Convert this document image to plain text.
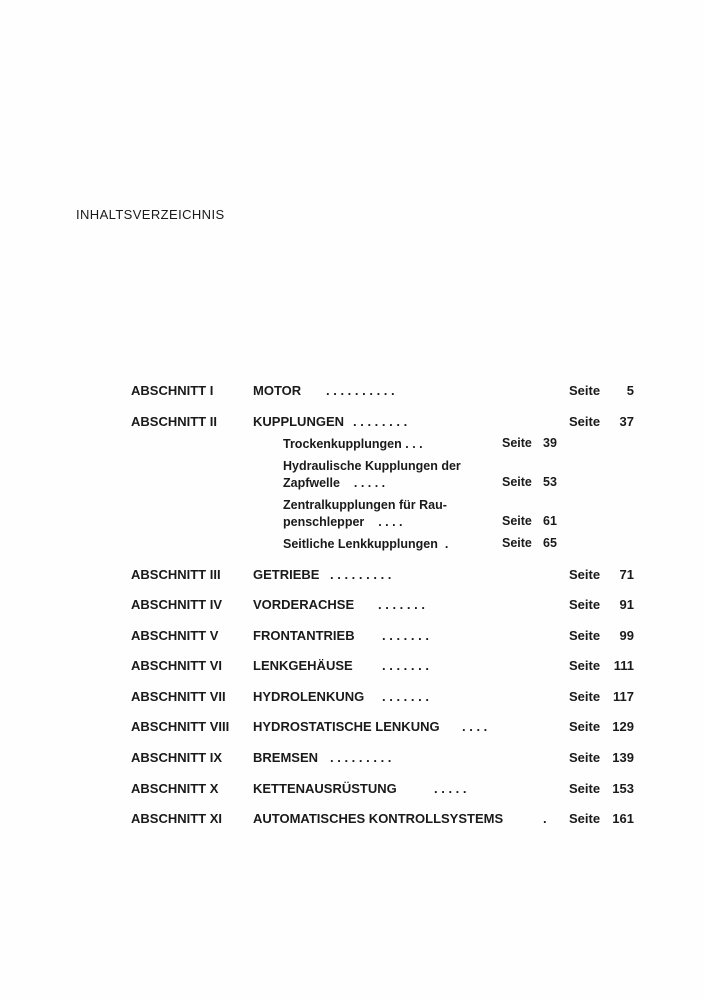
INHALTSVERZEICHNIS
ABSCHNITT I	MOTOR . . . . . . . . . .	Seite	5
ABSCHNITT II	KUPPLUNGEN . . . . . . . .	Seite	37
Trockenkupplungen . . .	Seite 39
Hydraulische Kupplungen der
Zapfwelle . . . . .	Seite 53
Zentralkupplungen für Rau-
penschlepper . . . .	Seite 61
Seitliche Lenkkupplungen .	Seite 65
ABSCHNITT III GETRIEBE . . . . . . . . .	Seite	71
ABSCHNITT IV VORDERACHSE . . . . . . .	Seite	91
ABSCHNITT V	FRONTANTRIEB . . . . . . .	Seite	99
ABSCHNITT VI LENKGEHÄUSE . . . . . . .	Seite	111
ABSCHNITT VII HYDROLENKUNG . . . . . . .	Seite 117
ABSCHNITT VIII HYDROSTATISCHE LENKUNG . . . .	Seite 129
ABSCHNITT IX BREMSEN . . . . . . . . .	Seite 139
ABSCHNITT X	KETTENAUSRÜSTUNG	. . . . .	Seite 153
ABSCHNITT XI AUTOMATISCHES KONTROLLSYSTEMS	. Seite 161
